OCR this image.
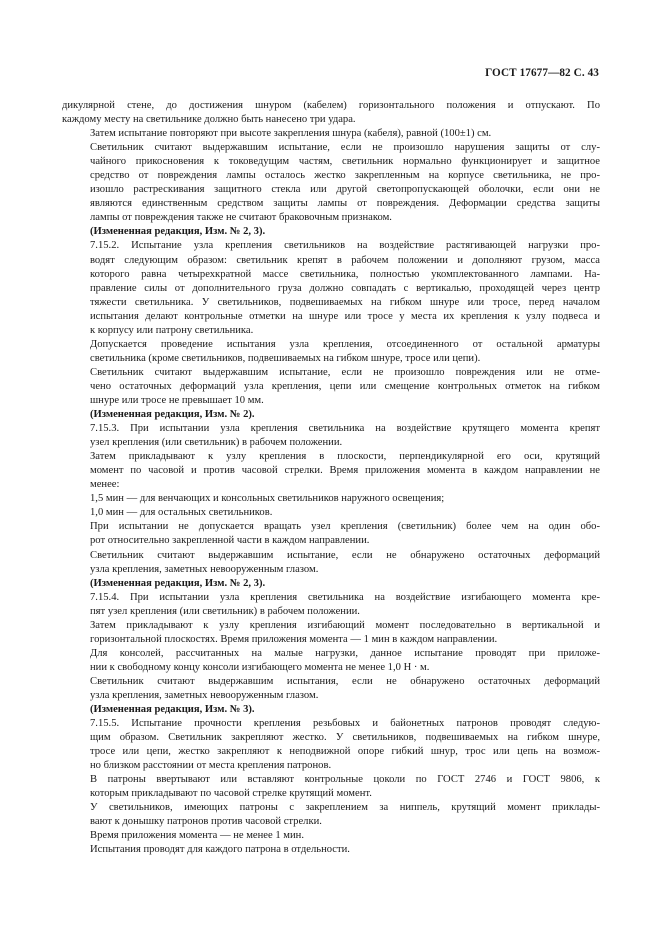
ГОСТ 17677—82 С. 43
дикулярной стене, до достижения шнуром (кабелем) горизонтального положения и отпускают. По
каждому месту на светильнике должно быть нанесено три удара.
Затем испытание повторяют при высоте закрепления шнура (кабеля), равной (100±1) см.
Светильник считают выдержавшим испытание, если не произошло нарушения защиты от слу-
чайного прикосновения к токоведущим частям, светильник нормально функционирует и защитное
средство от повреждения лампы осталось жестко закрепленным на корпусе светильника, не про-
изошло растрескивания защитного стекла или другой светопропускающей оболочки, если они не
являются единственным средством защиты лампы от повреждения. Деформации средства защиты
лампы от повреждения также не считают браковочным признаком.
(Измененная редакция, Изм. № 2, 3).
7.15.2. Испытание узла крепления светильников на воздействие растягивающей нагрузки про-
водят следующим образом: светильник крепят в рабочем положении и дополняют грузом, масса
которого равна четырехкратной массе светильника, полностью укомплектованного лампами. На-
правление силы от дополнительного груза должно совпадать с вертикалью, проходящей через центр
тяжести светильника. У светильников, подвешиваемых на гибком шнуре или тросе, перед началом
испытания делают контрольные отметки на шнуре или тросе у места их крепления к узлу подвеса и
к корпусу или патрону светильника.
Допускается проведение испытания узла крепления, отсоединенного от остальной арматуры
светильника (кроме светильников, подвешиваемых на гибком шнуре, тросе или цепи).
Светильник считают выдержавшим испытание, если не произошло повреждения или не отме-
чено остаточных деформаций узла крепления, цепи или смещение контрольных отметок на гибком
шнуре или тросе не превышает 10 мм.
(Измененная редакция, Изм. № 2).
7.15.3. При испытании узла крепления светильника на воздействие крутящего момента крепят
узел крепления (или светильник) в рабочем положении.
Затем прикладывают к узлу крепления в плоскости, перпендикулярной его оси, крутящий
момент по часовой и против часовой стрелки. Время приложения момента в каждом направлении не
менее:
1,5 мин — для венчающих и консольных светильников наружного освещения;
1,0 мин — для остальных светильников.
При испытании не допускается вращать узел крепления (светильник) более чем на один обо-
рот относительно закрепленной части в каждом направлении.
Светильник считают выдержавшим испытание, если не обнаружено остаточных деформаций
узла крепления, заметных невооруженным глазом.
(Измененная редакция, Изм. № 2, 3).
7.15.4. При испытании узла крепления светильника на воздействие изгибающего момента кре-
пят узел крепления (или светильник) в рабочем положении.
Затем прикладывают к узлу крепления изгибающий момент последовательно в вертикальной и
горизонтальной плоскостях. Время приложения момента — 1 мин в каждом направлении.
Для консолей, рассчитанных на малые нагрузки, данное испытание проводят при приложе-
нии к свободному концу консоли изгибающего момента не менее 1,0 Н · м.
Светильник считают выдержавшим испытания, если не обнаружено остаточных деформаций
узла крепления, заметных невооруженным глазом.
(Измененная редакция, Изм. № 3).
7.15.5. Испытание прочности крепления резьбовых и байонетных патронов проводят следую-
щим образом. Светильник закрепляют жестко. У светильников, подвешиваемых на гибком шнуре,
тросе или цепи, жестко закрепляют к неподвижной опоре гибкий шнур, трос или цепь на возмож-
но близком расстоянии от места крепления патронов.
В патроны ввертывают или вставляют контрольные цоколи по ГОСТ 2746 и ГОСТ 9806, к
которым прикладывают по часовой стрелке крутящий момент.
У светильников, имеющих патроны с закреплением за ниппель, крутящий момент приклады-
вают к донышку патронов против часовой стрелки.
Время приложения момента — не менее 1 мин.
Испытания проводят для каждого патрона в отдельности.
